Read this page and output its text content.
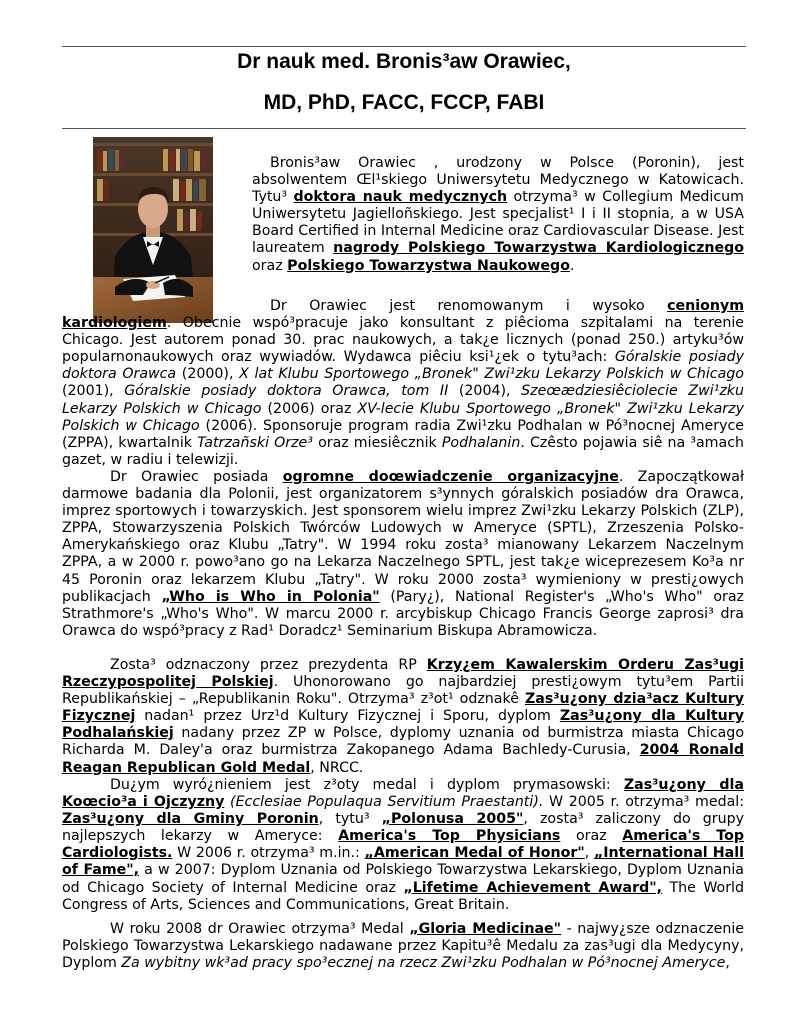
Dr nauk med. Bronis³aw Orawiec,
MD, PhD, FACC, FCCP, FABI

Bronis³aw Orawiec , urodzony w Polsce (Poronin), jest absolwentem Œl¹skiego Uniwersytetu Medycznego w Katowicach. Tytu³ doktora nauk medycznych otrzyma³ w Collegium Medicum Uniwersytetu Jagielloñskiego. Jest specjalist¹ I i II stopnia, a w USA Board Certified in Internal Medicine oraz Cardiovascular Disease. Jest laureatem nagrody Polskiego Towarzystwa Kardiologicznego oraz Polskiego Towarzystwa Naukowego.

Dr Orawiec jest renomowanym i wysoko cenionym kardiologiem. Obecnie wspó³pracuje jako konsultant z piêcioma szpitalami na terenie Chicago. Jest autorem ponad 30. prac naukowych, a tak¿e licznych (ponad 250.) artyku³ów popularnonaukowych oraz wywiadów. Wydawca piêciu ksi¹¿ek o tytu³ach: Góralskie posiady doktora Orawca (2000), X lat Klubu Sportowego „Bronek" Zwi¹zku Lekarzy Polskich w Chicago (2001), Góralskie posiady doktora Orawca, tom II (2004), Szeœædziesiêciolecie Zwi¹zku Lekarzy Polskich w Chicago (2006) oraz XV-lecie Klubu Sportowego „Bronek" Zwi¹zku Lekarzy Polskich w Chicago (2006). Sponsoruje program radia Zwi¹zku Podhalan w Pó³nocnej Ameryce (ZPPA), kwartalnik Tatrzañski Orze³ oraz miesiêcznik Podhalanin. Czêsto pojawia siê na ³amach gazet, w radiu i telewizji.

Dr Orawiec posiada ogromne doœwiadczenie organizacyjne. Zapoczątkował darmowe badania dla Polonii, jest organizatorem s³ynnych góralskich posiadów dra Orawca, imprez sportowych i towarzyskich. Jest sponsorem wielu imprez Zwi¹zku Lekarzy Polskich (ZLP), ZPPA, Stowarzyszenia Polskich Twórców Ludowych w Ameryce (SPTL), Zrzeszenia Polsko-Amerykańskiego oraz Klubu „Tatry". W 1994 roku zosta³ mianowany Lekarzem Naczelnym ZPPA, a w 2000 r. powo³ano go na Lekarza Naczelnego SPTL, jest tak¿e wiceprezesem Ko³a nr 45 Poronin oraz lekarzem Klubu „Tatry". W roku 2000 zosta³ wymieniony w presti¿owych publikacjach „Who is Who in Polonia" (Pary¿), National Register's „Who's Who" oraz Strathmore's „Who's Who". W marcu 2000 r. arcybiskup Chicago Francis George zaprosi³ dra Orawca do wspó³pracy z Rad¹ Doradcz¹ Seminarium Biskupa Abramowicza.

Zosta³ odznaczony przez prezydenta RP Krzy¿em Kawalerskim Orderu Zas³ugi Rzeczypospolitej Polskiej. Uhonorowano go najbardziej presti¿owym tytu³em Partii Republikańskiej – „Republikanin Roku". Otrzyma³ z³ot¹ odznakê Zas³u¿ony dzia³acz Kultury Fizycznej nadan¹ przez Urz¹d Kultury Fizycznej i Sporu, dyplom Zas³u¿ony dla Kultury Podhalańskiej nadany przez ZP w Polsce, dyplomy uznania od burmistrza miasta Chicago Richarda M. Daley'a oraz burmistrza Zakopanego Adama Bachledy-Curusia, 2004 Ronald Reagan Republican Gold Medal, NRCC.

Du¿ym wyró¿nieniem jest z³oty medal i dyplom prymasowski: Zas³u¿ony dla Koœcio³a i Ojczyzny (Ecclesiae Populaqua Servitium Praestanti). W 2005 r. otrzyma³ medal: Zas³u¿ony dla Gminy Poronin, tytu³ „Polonusa 2005", zosta³ zaliczony do grupy najlepszych lekarzy w Ameryce: America's Top Physicians oraz America's Top Cardiologists. W 2006 r. otrzyma³ m.in.: „American Medal of Honor", „International Hall of Fame", a w 2007: Dyplom Uznania od Polskiego Towarzystwa Lekarskiego, Dyplom Uznania od Chicago Society of Internal Medicine oraz „Lifetime Achievement Award", The World Congress of Arts, Sciences and Communications, Great Britain.

W roku 2008 dr Orawiec otrzyma³ Medal „Gloria Medicinae" - najwy¿sze odznaczenie Polskiego Towarzystwa Lekarskiego nadawane przez Kapitu³ê Medalu za zas³ugi dla Medycyny, Dyplom Za wybitny wk³ad pracy spo³ecznej na rzecz Zwi¹zku Podhalan w Pó³nocnej Ameryce,
